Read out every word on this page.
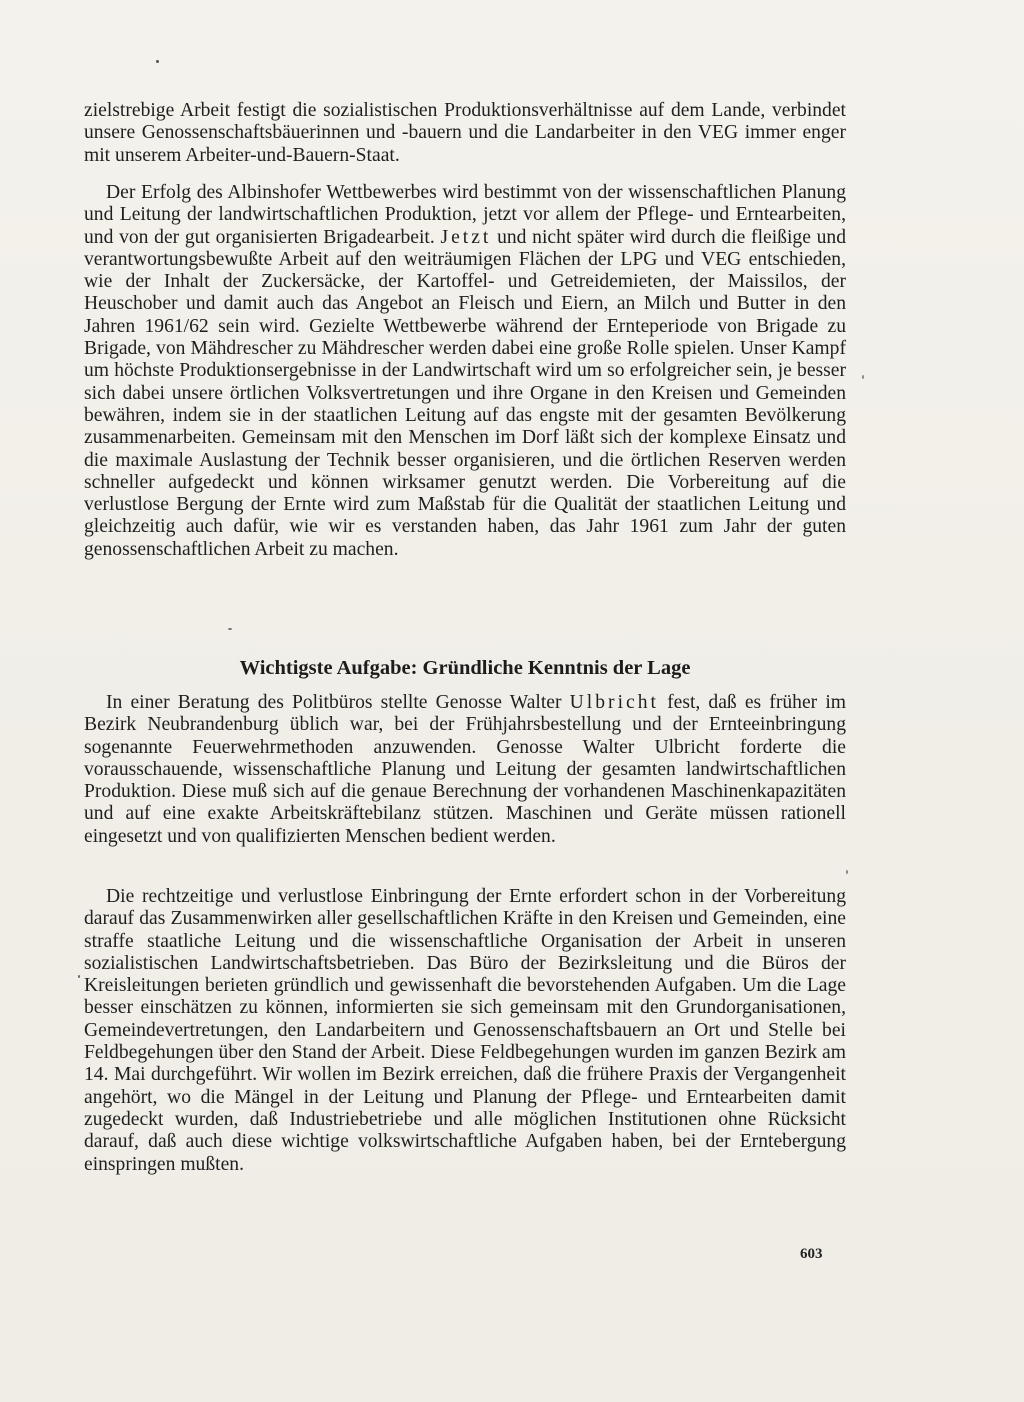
zielstrebige Arbeit festigt die sozialistischen Produktionsverhältnisse auf dem Lande, verbindet unsere Genossenschaftsbäuerinnen und -bauern und die Landarbeiter in den VEG immer enger mit unserem Arbeiter-und-Bauern-Staat.

Der Erfolg des Albinshofer Wettbewerbes wird bestimmt von der wissenschaftlichen Planung und Leitung der landwirtschaftlichen Produktion, jetzt vor allem der Pflege- und Erntearbeiten, und von der gut organisierten Brigadearbeit. Jetzt und nicht später wird durch die fleißige und verantwortungsbewußte Arbeit auf den weiträumigen Flächen der LPG und VEG entschieden, wie der Inhalt der Zuckersäcke, der Kartoffel- und Getreidemieten, der Maissilos, der Heuschober und damit auch das Angebot an Fleisch und Eiern, an Milch und Butter in den Jahren 1961/62 sein wird. Gezielte Wettbewerbe während der Ernteperiode von Brigade zu Brigade, von Mähdrescher zu Mähdrescher werden dabei eine große Rolle spielen. Unser Kampf um höchste Produktionsergebnisse in der Landwirtschaft wird um so erfolgreicher sein, je besser sich dabei unsere örtlichen Volksvertretungen und ihre Organe in den Kreisen und Gemeinden bewähren, indem sie in der staatlichen Leitung auf das engste mit der gesamten Bevölkerung zusammenarbeiten. Gemeinsam mit den Menschen im Dorf läßt sich der komplexe Einsatz und die maximale Auslastung der Technik besser organisieren, und die örtlichen Reserven werden schneller aufgedeckt und können wirksamer genutzt werden. Die Vorbereitung auf die verlustlose Bergung der Ernte wird zum Maßstab für die Qualität der staatlichen Leitung und gleichzeitig auch dafür, wie wir es verstanden haben, das Jahr 1961 zum Jahr der guten genossenschaftlichen Arbeit zu machen.

Wichtigste Aufgabe: Gründliche Kenntnis der Lage

In einer Beratung des Politbüros stellte Genosse Walter Ulbricht fest, daß es früher im Bezirk Neubrandenburg üblich war, bei der Frühjahrsbestellung und der Ernteeinbringung sogenannte Feuerwehrmethoden anzuwenden. Genosse Walter Ulbricht forderte die vorausschauende, wissenschaftliche Planung und Leitung der gesamten landwirtschaftlichen Produktion. Diese muß sich auf die genaue Berechnung der vorhandenen Maschinenkapazitäten und auf eine exakte Arbeitskräftebilanz stützen. Maschinen und Geräte müssen rationell eingesetzt und von qualifizierten Menschen bedient werden.

Die rechtzeitige und verlustlose Einbringung der Ernte erfordert schon in der Vorbereitung darauf das Zusammenwirken aller gesellschaftlichen Kräfte in den Kreisen und Gemeinden, eine straffe staatliche Leitung und die wissenschaftliche Organisation der Arbeit in unseren sozialistischen Landwirtschaftsbetrieben. Das Büro der Bezirksleitung und die Büros der Kreisleitungen berieten gründlich und gewissenhaft die bevorstehenden Aufgaben. Um die Lage besser einschätzen zu können, informierten sie sich gemeinsam mit den Grundorganisationen, Gemeindevertretungen, den Landarbeitern und Genossenschaftsbauern an Ort und Stelle bei Feldbegehungen über den Stand der Arbeit. Diese Feldbegehungen wurden im ganzen Bezirk am 14. Mai durchgeführt. Wir wollen im Bezirk erreichen, daß die frühere Praxis der Vergangenheit angehört, wo die Mängel in der Leitung und Planung der Pflege- und Erntearbeiten damit zugedeckt wurden, daß Industriebetriebe und alle möglichen Institutionen ohne Rücksicht darauf, daß auch diese wichtige volkswirtschaftliche Aufgaben haben, bei der Erntebergung einspringen mußten.

603
